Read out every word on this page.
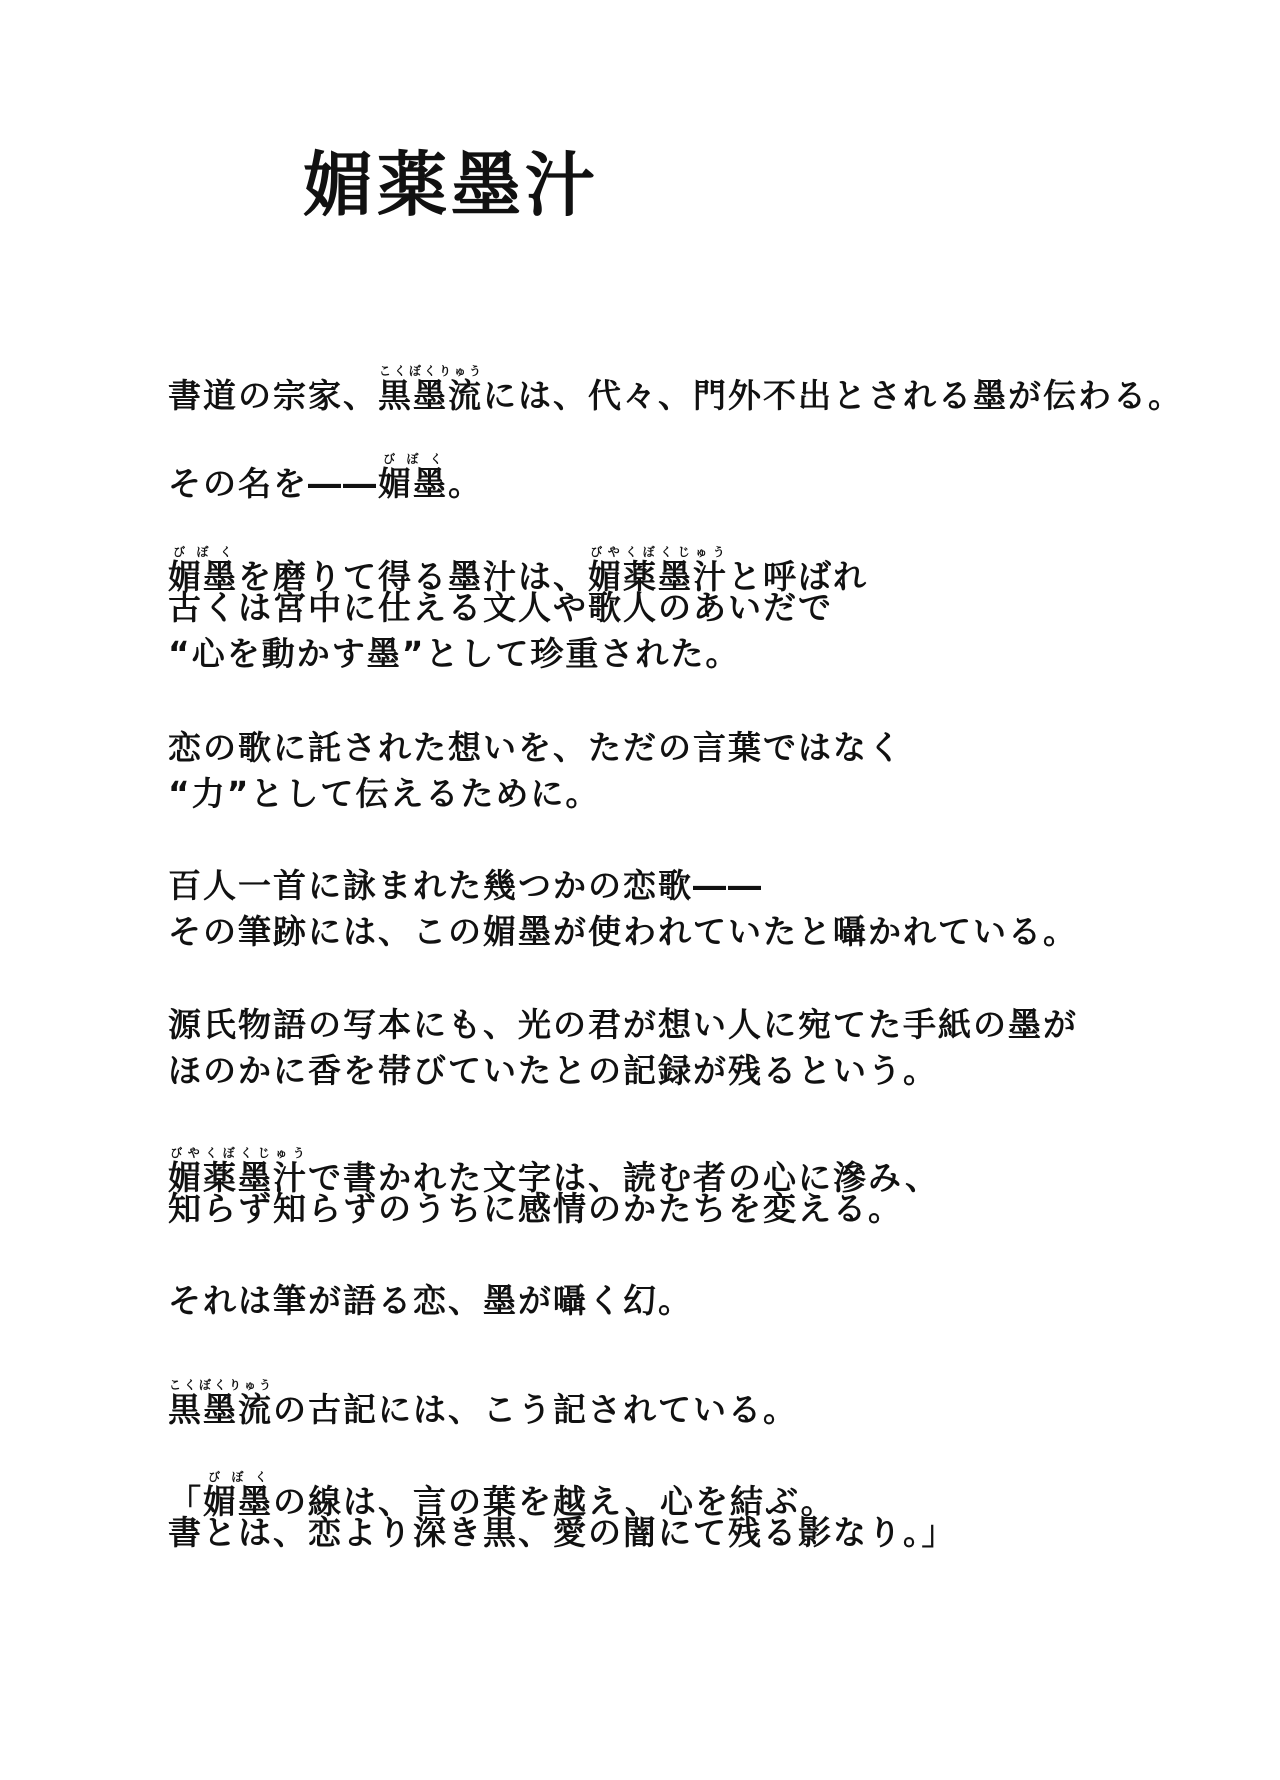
媚薬墨汁
書道の宗家、黒墨流こくぼくりゅうには、代々、門外不出とされる墨が伝わる。
その名を――媚墨びぼく。
媚墨びぼくを磨りて得る墨汁は、媚薬墨汁びやくぼくじゅうと呼ばれ
古くは宮中に仕える文人や歌人のあいだで
“心を動かす墨”として珍重された。
恋の歌に託された想いを、ただの言葉ではなく
“力”として伝えるために。
百人一首に詠まれた幾つかの恋歌――
その筆跡には、この媚墨が使われていたと囁かれている。
源氏物語の写本にも、光の君が想い人に宛てた手紙の墨が
ほのかに香を帯びていたとの記録が残るという。
媚薬墨汁びやくぼくじゅうで書かれた文字は、読む者の心に滲み、
知らず知らずのうちに感情のかたちを変える。
それは筆が語る恋、墨が囁く幻。
黒墨流こくぼくりゅうの古記には、こう記されている。
「媚墨びぼくの線は、言の葉を越え、心を結ぶ。
書とは、恋より深き黒、愛の闇にて残る影なり。」
